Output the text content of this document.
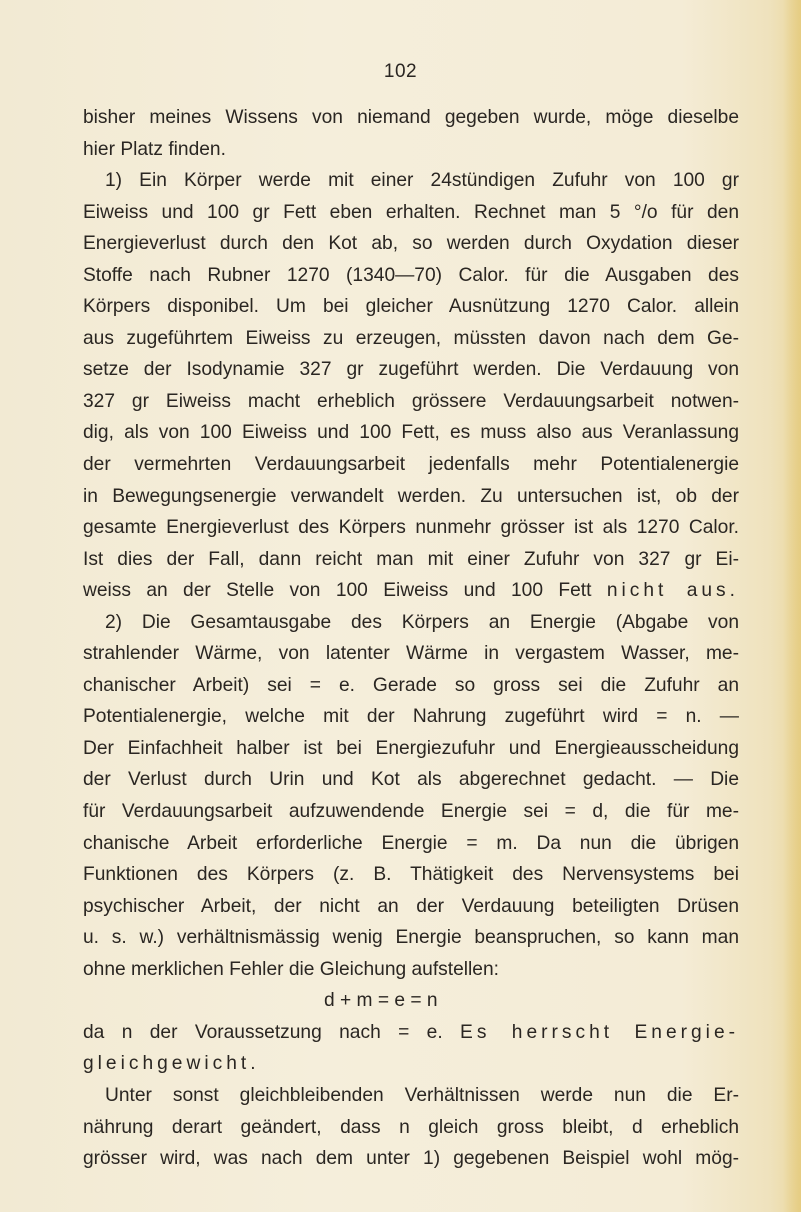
102
bisher meines Wissens von niemand gegeben wurde, möge dieselbe
hier Platz finden.
1) Ein Körper werde mit einer 24stündigen Zufuhr von 100 gr
Eiweiss und 100 gr Fett eben erhalten. Rechnet man 5 °/o für den
Energieverlust durch den Kot ab, so werden durch Oxydation dieser
Stoffe nach Rubner 1270 (1340—70) Calor. für die Ausgaben des
Körpers disponibel. Um bei gleicher Ausnützung 1270 Calor. allein
aus zugeführtem Eiweiss zu erzeugen, müssten davon nach dem Ge-
setze der Isodynamie 327 gr zugeführt werden. Die Verdauung von
327 gr Eiweiss macht erheblich grössere Verdauungsarbeit notwen-
dig, als von 100 Eiweiss und 100 Fett, es muss also aus Veranlassung
der vermehrten Verdauungsarbeit jedenfalls mehr Potentialenergie
in Bewegungsenergie verwandelt werden. Zu untersuchen ist, ob der
gesamte Energieverlust des Körpers nunmehr grösser ist als 1270 Calor.
Ist dies der Fall, dann reicht man mit einer Zufuhr von 327 gr Ei-
weiss an der Stelle von 100 Eiweiss und 100 Fett nicht aus.
2) Die Gesamtausgabe des Körpers an Energie (Abgabe von
strahlender Wärme, von latenter Wärme in vergastem Wasser, me-
chanischer Arbeit) sei = e. Gerade so gross sei die Zufuhr an
Potentialenergie, welche mit der Nahrung zugeführt wird = n. —
Der Einfachheit halber ist bei Energiezufuhr und Energieausscheidung
der Verlust durch Urin und Kot als abgerechnet gedacht. — Die
für Verdauungsarbeit aufzuwendende Energie sei = d, die für me-
chanische Arbeit erforderliche Energie = m. Da nun die übrigen
Funktionen des Körpers (z. B. Thätigkeit des Nervensystems bei
psychischer Arbeit, der nicht an der Verdauung beteiligten Drüsen
u. s. w.) verhältnismässig wenig Energie beanspruchen, so kann man
ohne merklichen Fehler die Gleichung aufstellen:
d + m = e = n
da n der Voraussetzung nach = e. Es herrscht Energie-
gleichgewicht.
Unter sonst gleichbleibenden Verhältnissen werde nun die Er-
nährung derart geändert, dass n gleich gross bleibt, d erheblich
grösser wird, was nach dem unter 1) gegebenen Beispiel wohl mög-
